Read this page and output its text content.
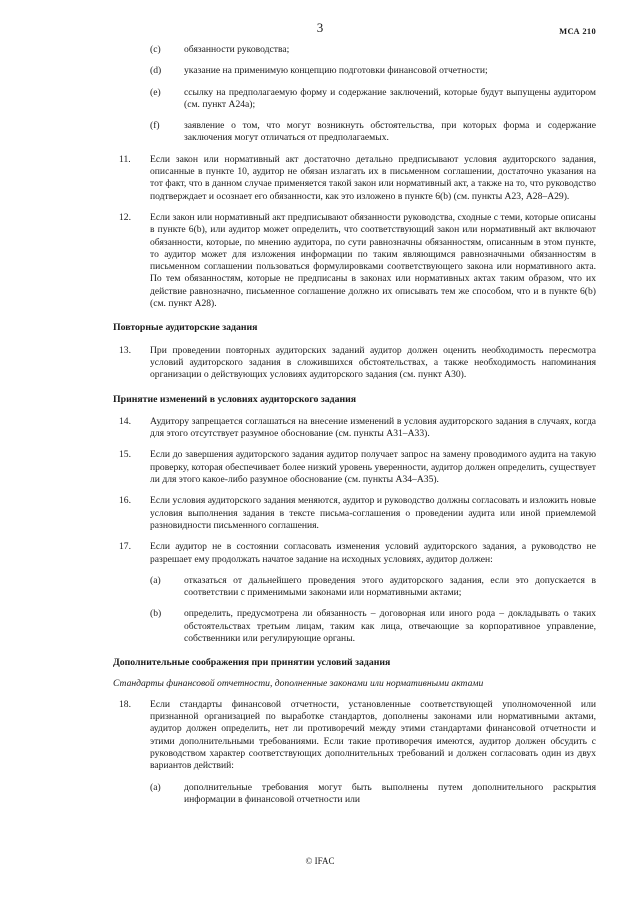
3	МСА 210
(c) обязанности руководства;
(d) указание на применимую концепцию подготовки финансовой отчетности;
(e) ссылку на предполагаемую форму и содержание заключений, которые будут выпущены аудитором (см. пункт А24а);
(f)	заявление о том, что могут возникнуть обстоятельства, при которых форма и содержание заключения могут отличаться от предполагаемых.
11. Если закон или нормативный акт достаточно детально предписывают условия аудиторского задания, описанные в пункте 10, аудитор не обязан излагать их в письменном соглашении, достаточно указания на тот факт, что в данном случае применяется такой закон или нормативный акт, а также на то, что руководство подтверждает и осознает его обязанности, как это изложено в пункте 6(b) (см. пункты А23, А28–А29).
12. Если закон или нормативный акт предписывают обязанности руководства, сходные с теми, которые описаны в пункте 6(b), или аудитор может определить, что соответствующий закон или нормативный акт включают обязанности, которые, по мнению аудитора, по сути равнозначны обязанностям, описанным в этом пункте, то аудитор может для изложения информации по таким являющимся равнозначными обязанностям в письменном соглашении пользоваться формулировками соответствующего закона или нормативного акта. По тем обязанностям, которые не предписаны в законах или нормативных актах таким образом, что их действие равнозначно, письменное соглашение должно их описывать тем же способом, что и в пункте 6(b) (см. пункт А28).
Повторные аудиторские задания
13. При проведении повторных аудиторских заданий аудитор должен оценить необходимость пересмотра условий аудиторского задания в сложившихся обстоятельствах, а также необходимость напоминания организации о действующих условиях аудиторского задания (см. пункт А30).
Принятие изменений в условиях аудиторского задания
14. Аудитору запрещается соглашаться на внесение изменений в условия аудиторского задания в случаях, когда для этого отсутствует разумное обоснование (см. пункты А31–А33).
15. Если до завершения аудиторского задания аудитор получает запрос на замену проводимого аудита на такую проверку, которая обеспечивает более низкий уровень уверенности, аудитор должен определить, существует ли для этого какое-либо разумное обоснование (см. пункты А34–А35).
16. Если условия аудиторского задания меняются, аудитор и руководство должны согласовать и изложить новые условия выполнения задания в тексте письма-соглашения о проведении аудита или иной приемлемой разновидности письменного соглашения.
17. Если аудитор не в состоянии согласовать изменения условий аудиторского задания, а руководство не разрешает ему продолжать начатое задание на исходных условиях, аудитор должен:
(a) отказаться от дальнейшего проведения этого аудиторского задания, если это допускается в соответствии с применимыми законами или нормативными актами;
(b) определить, предусмотрена ли обязанность – договорная или иного рода – докладывать о таких обстоятельствах третьим лицам, таким как лица, отвечающие за корпоративное управление, собственники или регулирующие органы.
Дополнительные соображения при принятии условий задания
Стандарты финансовой отчетности, дополненные законами или нормативными актами
18. Если стандарты финансовой отчетности, установленные соответствующей уполномоченной или признанной организацией по выработке стандартов, дополнены законами или нормативными актами, аудитор должен определить, нет ли противоречий между этими стандартами финансовой отчетности и этими дополнительными требованиями. Если такие противоречия имеются, аудитор должен обсудить с руководством характер соответствующих дополнительных требований и должен согласовать один из двух вариантов действий:
(a) дополнительные требования могут быть выполнены путем дополнительного раскрытия информации в финансовой отчетности или
© IFAC
